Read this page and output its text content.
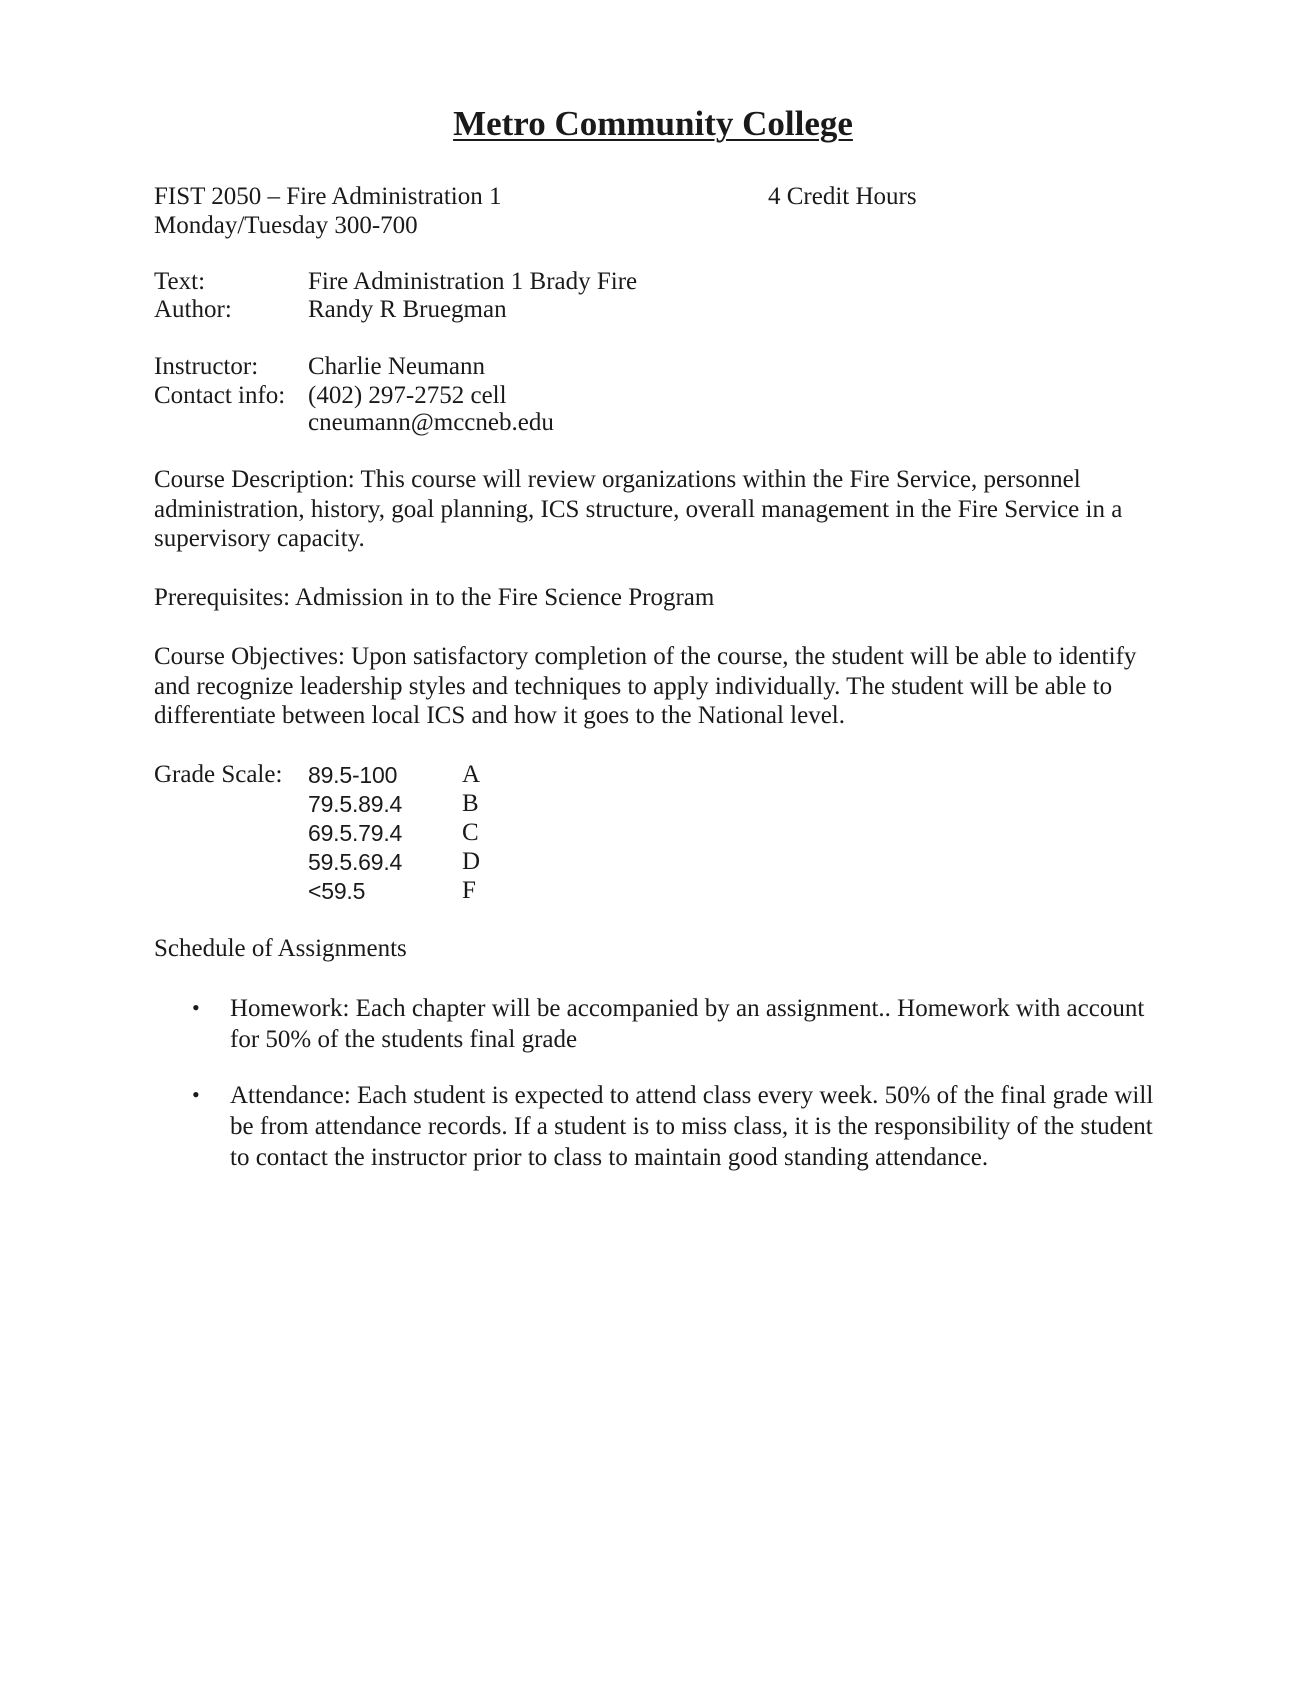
Metro Community College
FIST 2050 – Fire Administration 1	4 Credit Hours
Monday/Tuesday 300-700
Text:	Fire Administration 1 Brady Fire
Author:	Randy R Bruegman
Instructor: Charlie Neumann
Contact info: (402) 297-2752 cell
cneumann@mccneb.edu
Course Description: This course will review organizations within the Fire Service, personnel administration, history, goal planning, ICS structure, overall management in the Fire Service in a supervisory capacity.
Prerequisites: Admission in to the Fire Science Program
Course Objectives: Upon satisfactory completion of the course, the student will be able to identify and recognize leadership styles and techniques to apply individually. The student will be able to differentiate between local ICS and how it goes to the National level.
Grade Scale: 89.5-100	A
79.5.89.4 B
69.5.79.4 C
59.5.69.4 D
<59.5	F
Schedule of Assignments
• Homework: Each chapter will be accompanied by an assignment.. Homework with account for 50% of the students final grade
• Attendance: Each student is expected to attend class every week. 50% of the final grade will be from attendance records. If a student is to miss class, it is the responsibility of the student to contact the instructor prior to class to maintain good standing attendance.
